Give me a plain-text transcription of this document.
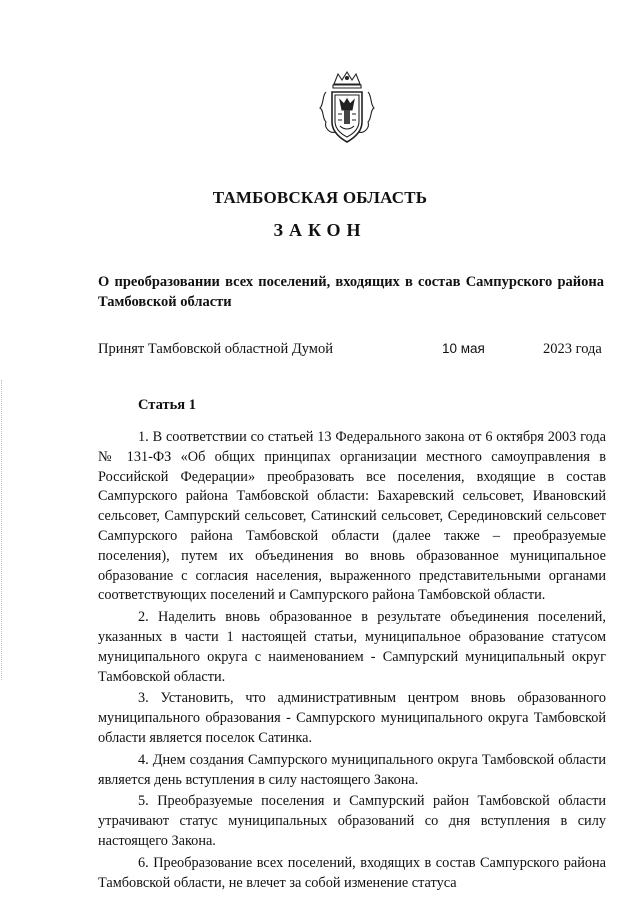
ТАМБОВСКАЯ ОБЛАСТЬ
ЗАКОН
О преобразовании всех поселений, входящих в состав Сампурского района Тамбовской области
Принят Тамбовской областной Думой	10 мая	2023 года
Статья 1

1. В соответствии со статьей 13 Федерального закона от 6 октября 2003 года № 131-ФЗ «Об общих принципах организации местного самоуправления в Российской Федерации» преобразовать все поселения, входящие в состав Сампурского района Тамбовской области: Бахаревский сельсовет, Ивановский сельсовет, Сампурский сельсовет, Сатинский сельсовет, Серединовский сельсовет Сампурского района Тамбовской области (далее также – преобразуемые поселения), путем их объединения во вновь образованное муниципальное образование с согласия населения, выраженного представительными органами соответствующих поселений и Сампурского района Тамбовской области.

2. Наделить вновь образованное в результате объединения поселений, указанных в части 1 настоящей статьи, муниципальное образование статусом муниципального округа с наименованием - Сампурский муниципальный округ Тамбовской области.

3. Установить, что административным центром вновь образованного муниципального образования - Сампурского муниципального округа Тамбовской области является поселок Сатинка.

4. Днем создания Сампурского муниципального округа Тамбовской области является день вступления в силу настоящего Закона.

5. Преобразуемые поселения и Сампурский район Тамбовской области утрачивают статус муниципальных образований со дня вступления в силу настоящего Закона.

6. Преобразование всех поселений, входящих в состав Сампурского района Тамбовской области, не влечет за собой изменение статуса
